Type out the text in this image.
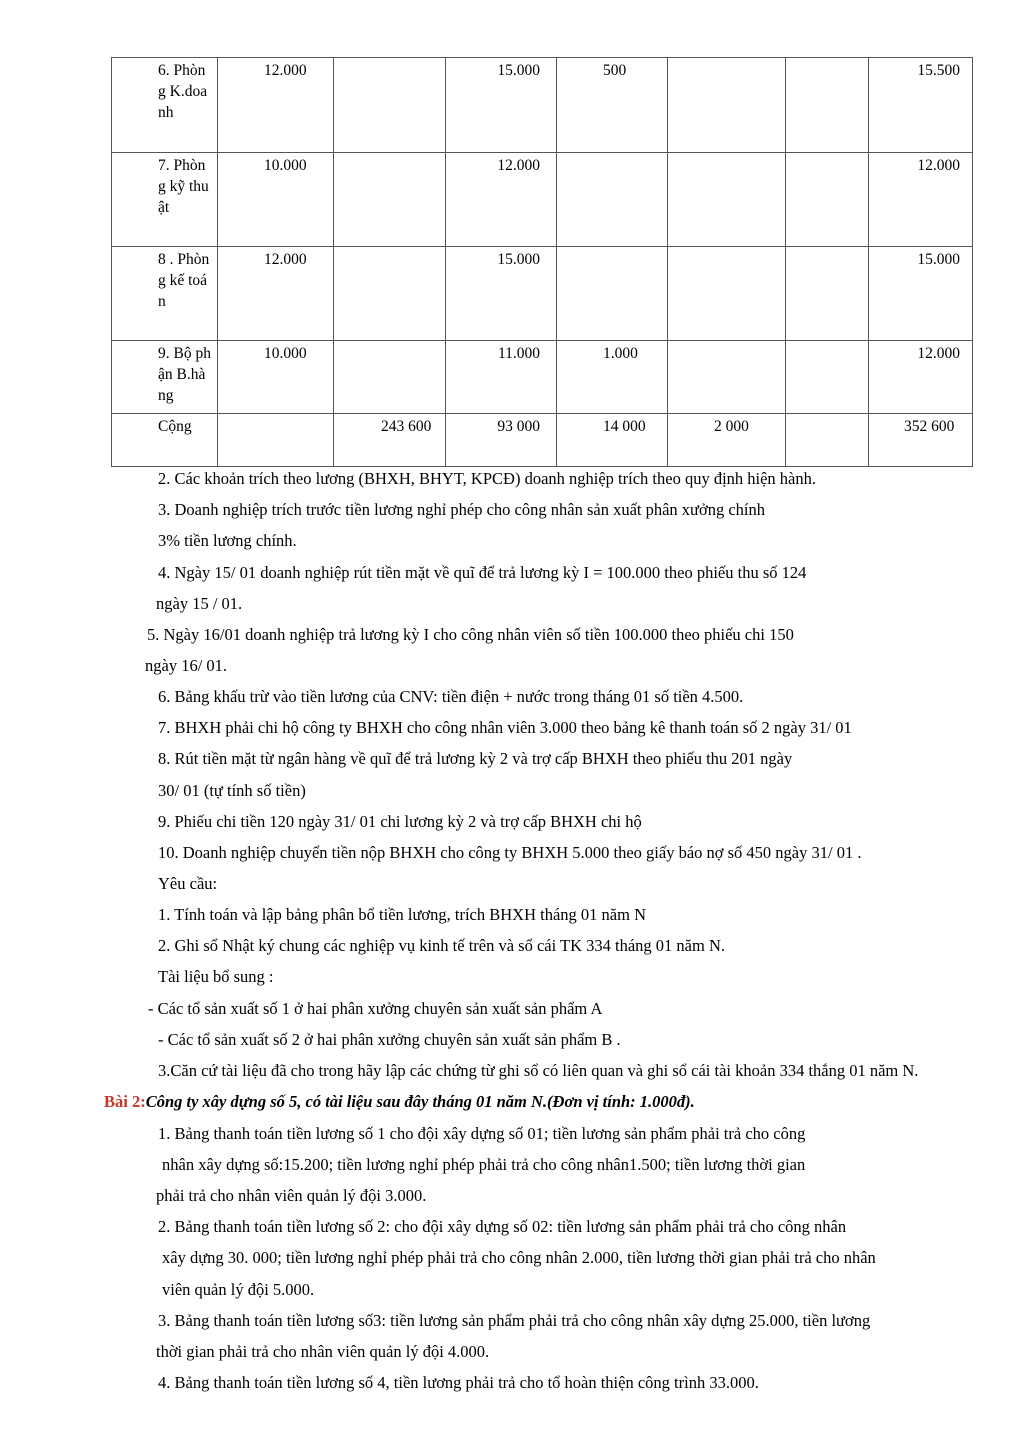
6. Phòng K.doanh	12.000		15.000	500			15.500
7. Phòng kỹ thuật	10.000		12.000				12.000
8 . Phòng kế toán	12.000		15.000				15.000
9. Bộ phận B.hàng	10.000		11.000	1.000			12.000
Cộng		243 600	93 000	14 000	2 000		352 600
2. Các khoản trích theo lương (BHXH, BHYT, KPCĐ) doanh nghiệp trích theo quy định hiện hành.
3. Doanh nghiệp trích trước tiền lương nghỉ phép cho công nhân sản xuất phân xưởng chính
3% tiền lương chính.
4. Ngày 15/ 01 doanh nghiệp rút tiền mặt về quĩ để trả lương kỳ I = 100.000 theo phiếu thu số 124
ngày 15 / 01.
5. Ngày 16/01 doanh nghiệp trả lương kỳ I cho công nhân viên số tiền 100.000 theo phiếu chi 150
ngày 16/ 01.
6. Bảng khấu trừ vào tiền lương của CNV: tiền điện + nước trong tháng 01 số tiền 4.500.
7. BHXH phải chi hộ công ty BHXH cho công nhân viên 3.000 theo bảng kê thanh toán số 2 ngày 31/ 01
8. Rút tiền mặt từ ngân hàng về quĩ để trả lương kỳ 2 và trợ cấp BHXH theo phiếu thu 201 ngày
30/ 01 (tự tính số tiền)
9. Phiếu chi tiền 120 ngày 31/ 01 chi lương kỳ 2 và trợ cấp BHXH chi hộ
10. Doanh nghiệp chuyển tiền nộp BHXH cho công ty BHXH 5.000 theo giấy báo nợ số 450 ngày 31/ 01 .
Yêu cầu:
1. Tính toán và lập bảng phân bổ tiền lương, trích BHXH tháng 01 năm N
2. Ghi sổ Nhật ký chung các nghiệp vụ kinh tế trên và sổ cái TK 334 tháng 01 năm N.
Tài liệu bổ sung :
- Các tổ sản xuất số 1 ở hai phân xưởng chuyên sản xuất sản phẩm A
- Các tổ sản xuất số 2 ở hai phân xưởng chuyên sản xuất sản phẩm B .
3.Căn cứ tài liệu đã cho trong hãy lập các chứng từ ghi sổ có liên quan và ghi sổ cái tài khoản 334 thắng 01 năm N.
Bài 2:Công ty xây dựng số 5, có tài liệu sau đây tháng 01 năm N.(Đơn vị tính: 1.000đ).
1. Bảng thanh toán tiền lương số 1 cho đội xây dựng số 01; tiền lương sản phẩm phải trả cho công
nhân xây dựng số:15.200; tiền lương nghỉ phép phải trả cho công nhân1.500; tiền lương thời gian
phải trả cho nhân viên quản lý đội 3.000.
2. Bảng thanh toán tiền lương số 2: cho đội xây dựng số 02: tiền lương sản phẩm phải trả cho công nhân
xây dựng 30. 000; tiền lương nghỉ phép phải trả cho công nhân 2.000, tiền lương thời gian phải trả cho nhân
viên quản lý đội 5.000.
3. Bảng thanh toán tiền lương số3: tiền lương sản phẩm phải trả cho công nhân xây dựng 25.000, tiền lương
thời gian phải trả cho nhân viên quản lý đội 4.000.
4. Bảng thanh toán tiền lương số 4, tiền lương phải trả cho tổ hoàn thiện công trình 33.000.
